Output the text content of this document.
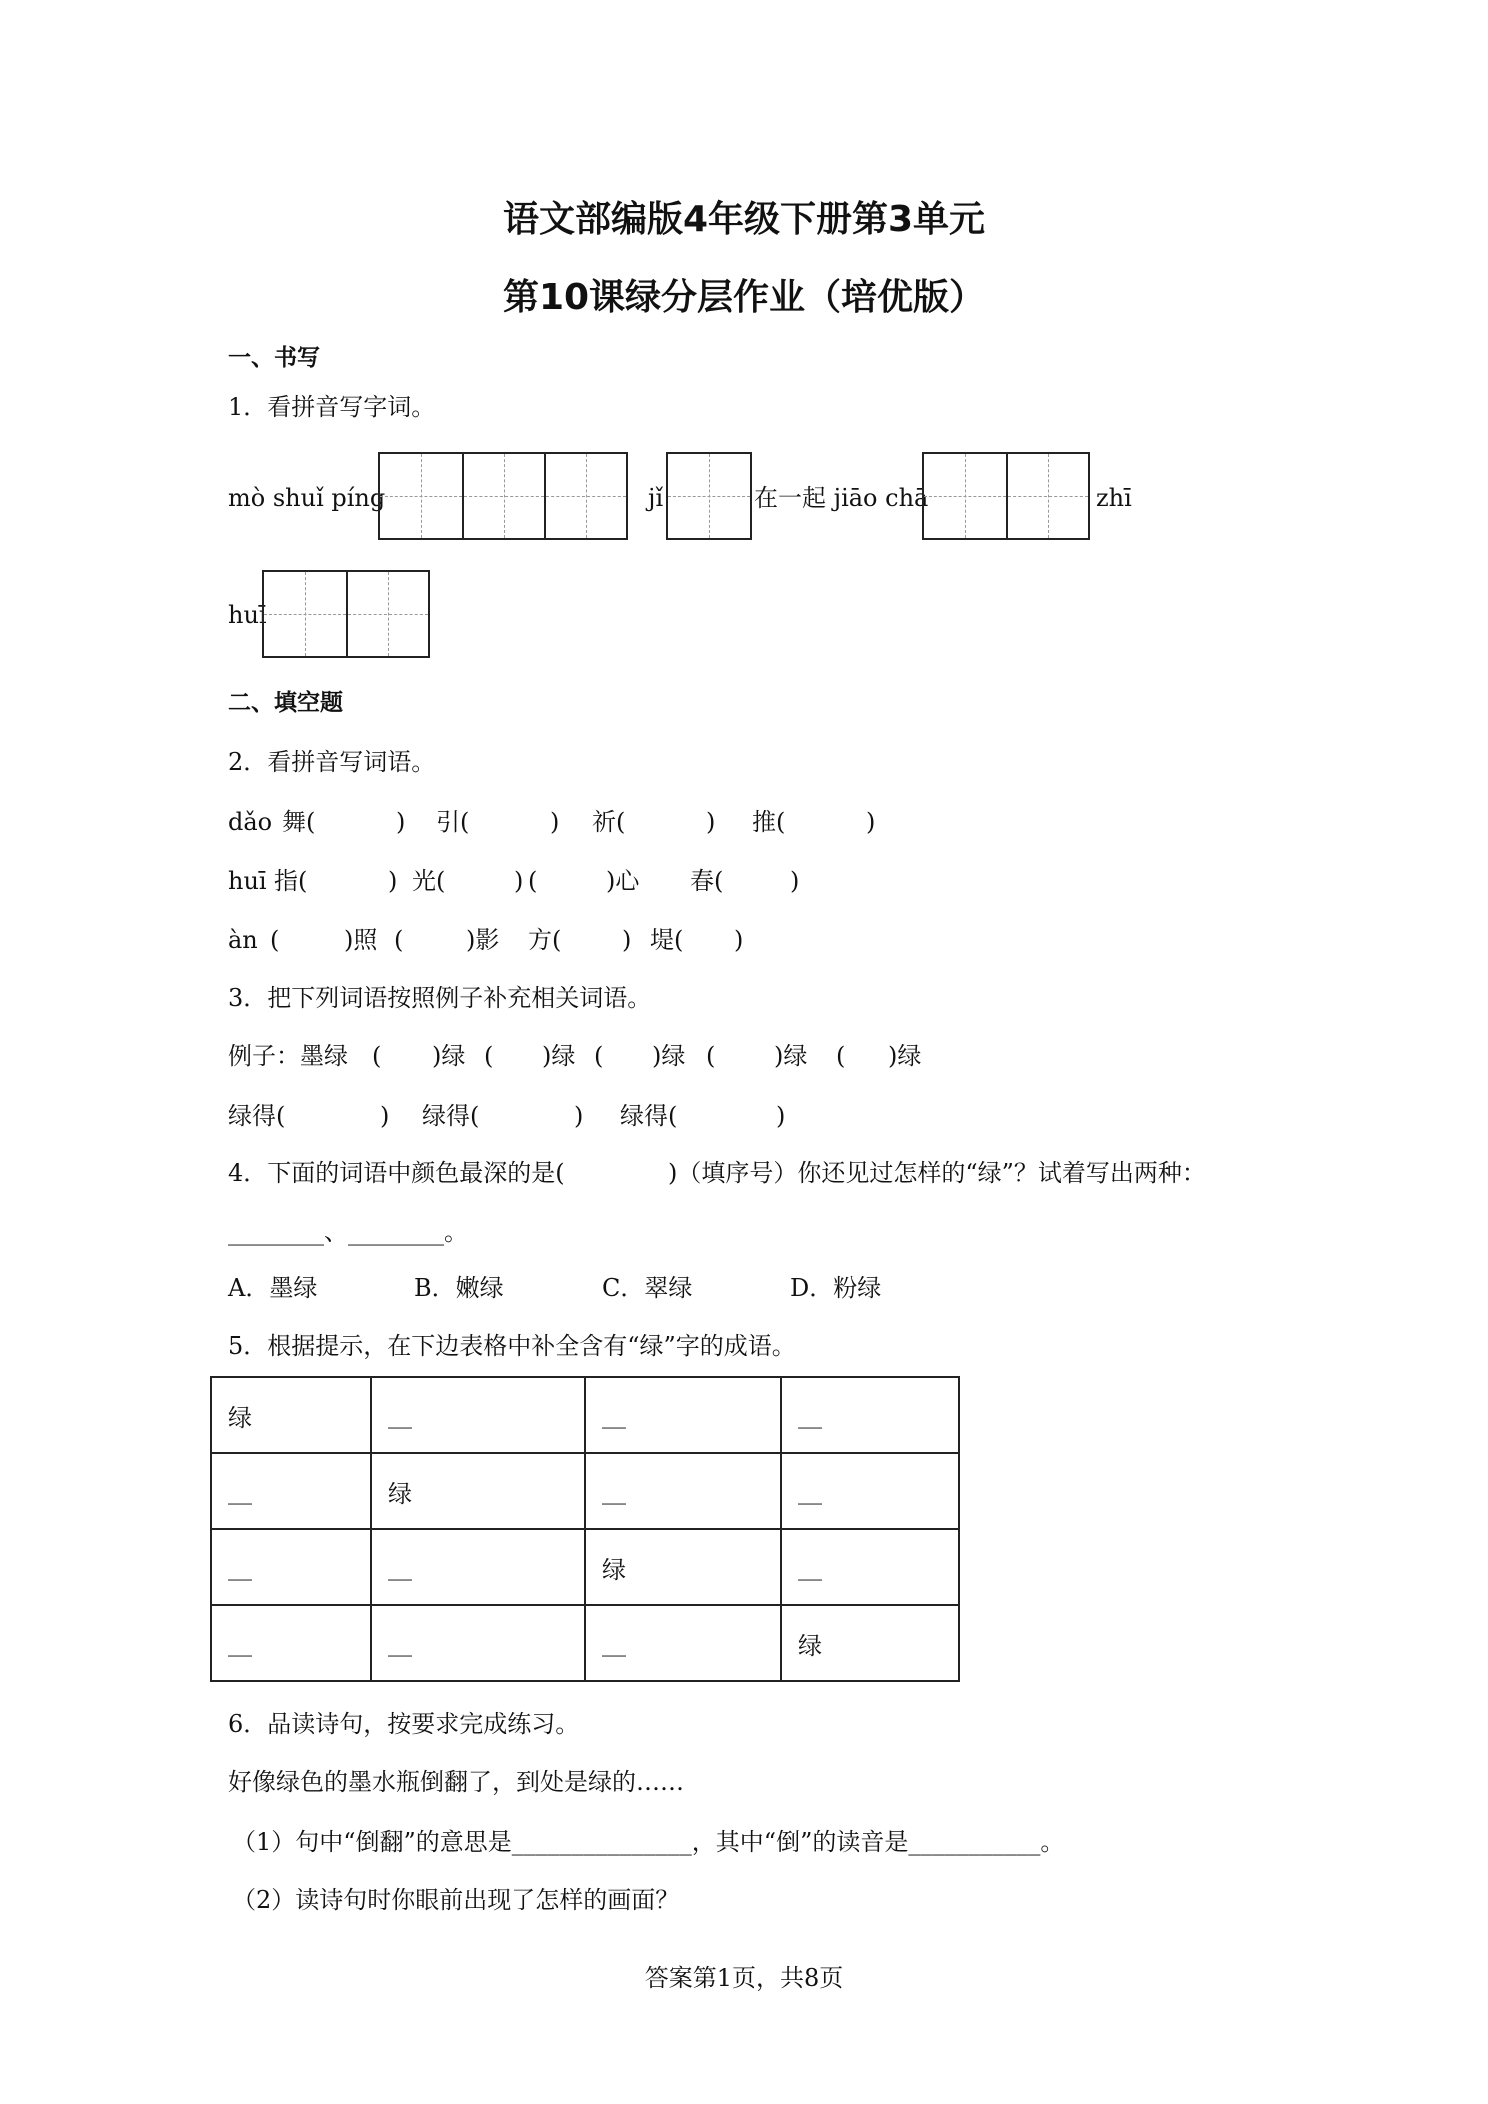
语文部编版4年级下册第3单元
第10课绿分层作业（培优版）
一、书写
1．看拼音写字词。
mò shuǐ píng	jǐ	在一起 jiāo chā	zhī
huī
二、填空题
2．看拼音写词语。
dǎo 舞(	) 引(	) 祈(	) 推(	)
huī 指(	) 光(	) (	)心 春(	)
àn (	)照 (	)影 方(	) 堤( )
3．把下列词语按照例子补充相关词语。
例子：墨绿 ( )绿 ( )绿 ( )绿 ( )绿 ( )绿
绿得(	) 绿得(	) 绿得(	)
4．下面的词语中颜色最深的是(	)（填序号）你还见过怎样的“绿”？试着写出两种：
________、________。
A．墨绿	B．嫩绿	C．翠绿	D．粉绿
5．根据提示，在下边表格中补全含有“绿”字的成语。
绿	__	__	__
__	绿	__	__
__	__	绿	__
__	__	__	绿
6．品读诗句，按要求完成练习。
好像绿色的墨水瓶倒翻了，到处是绿的……
（1）句中“倒翻”的意思是_______________，其中“倒”的读音是___________。
（2）读诗句时你眼前出现了怎样的画面？
答案第1页，共8页
